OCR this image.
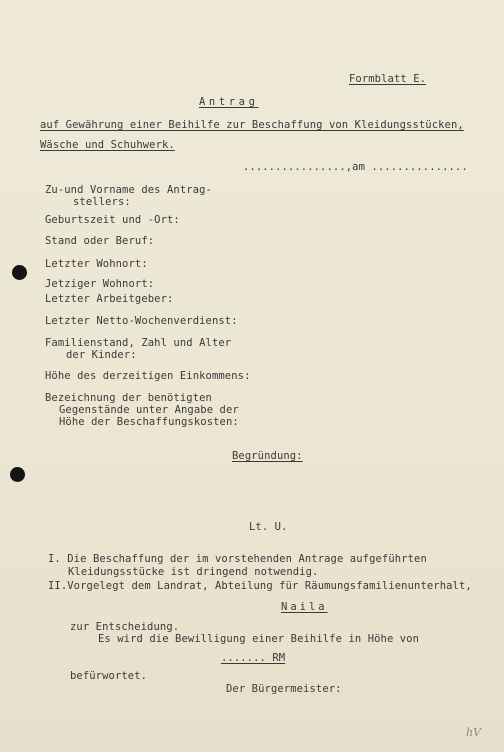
Formblatt E.
Antrag
auf Gewährung einer Beihilfe zur Beschaffung von Kleidungsstücken,
Wäsche und Schuhwerk.
................,am ...............
Zu-und Vorname des Antrag-
stellers:
Geburtszeit und -Ort:
Stand oder Beruf:
Letzter Wohnort:
Jetziger Wohnort:
Letzter Arbeitgeber:
Letzter Netto-Wochenverdienst:
Familienstand, Zahl und Alter
der Kinder:
Höhe des derzeitigen Einkommens:
Bezeichnung der benötigten
Gegenstände unter Angabe der
Höhe der Beschaffungskosten:
Begründung:
Lt. U.
I. Die Beschaffung der im vorstehenden Antrage aufgeführten
Kleidungsstücke ist dringend notwendig.
II.Vorgelegt dem Landrat, Abteilung für Räumungsfamilienunterhalt,
Naila
zur Entscheidung.
Es wird die Bewilligung einer Beihilfe in Höhe von
....... RM
befürwortet.
Der Bürgermeister:
hV
